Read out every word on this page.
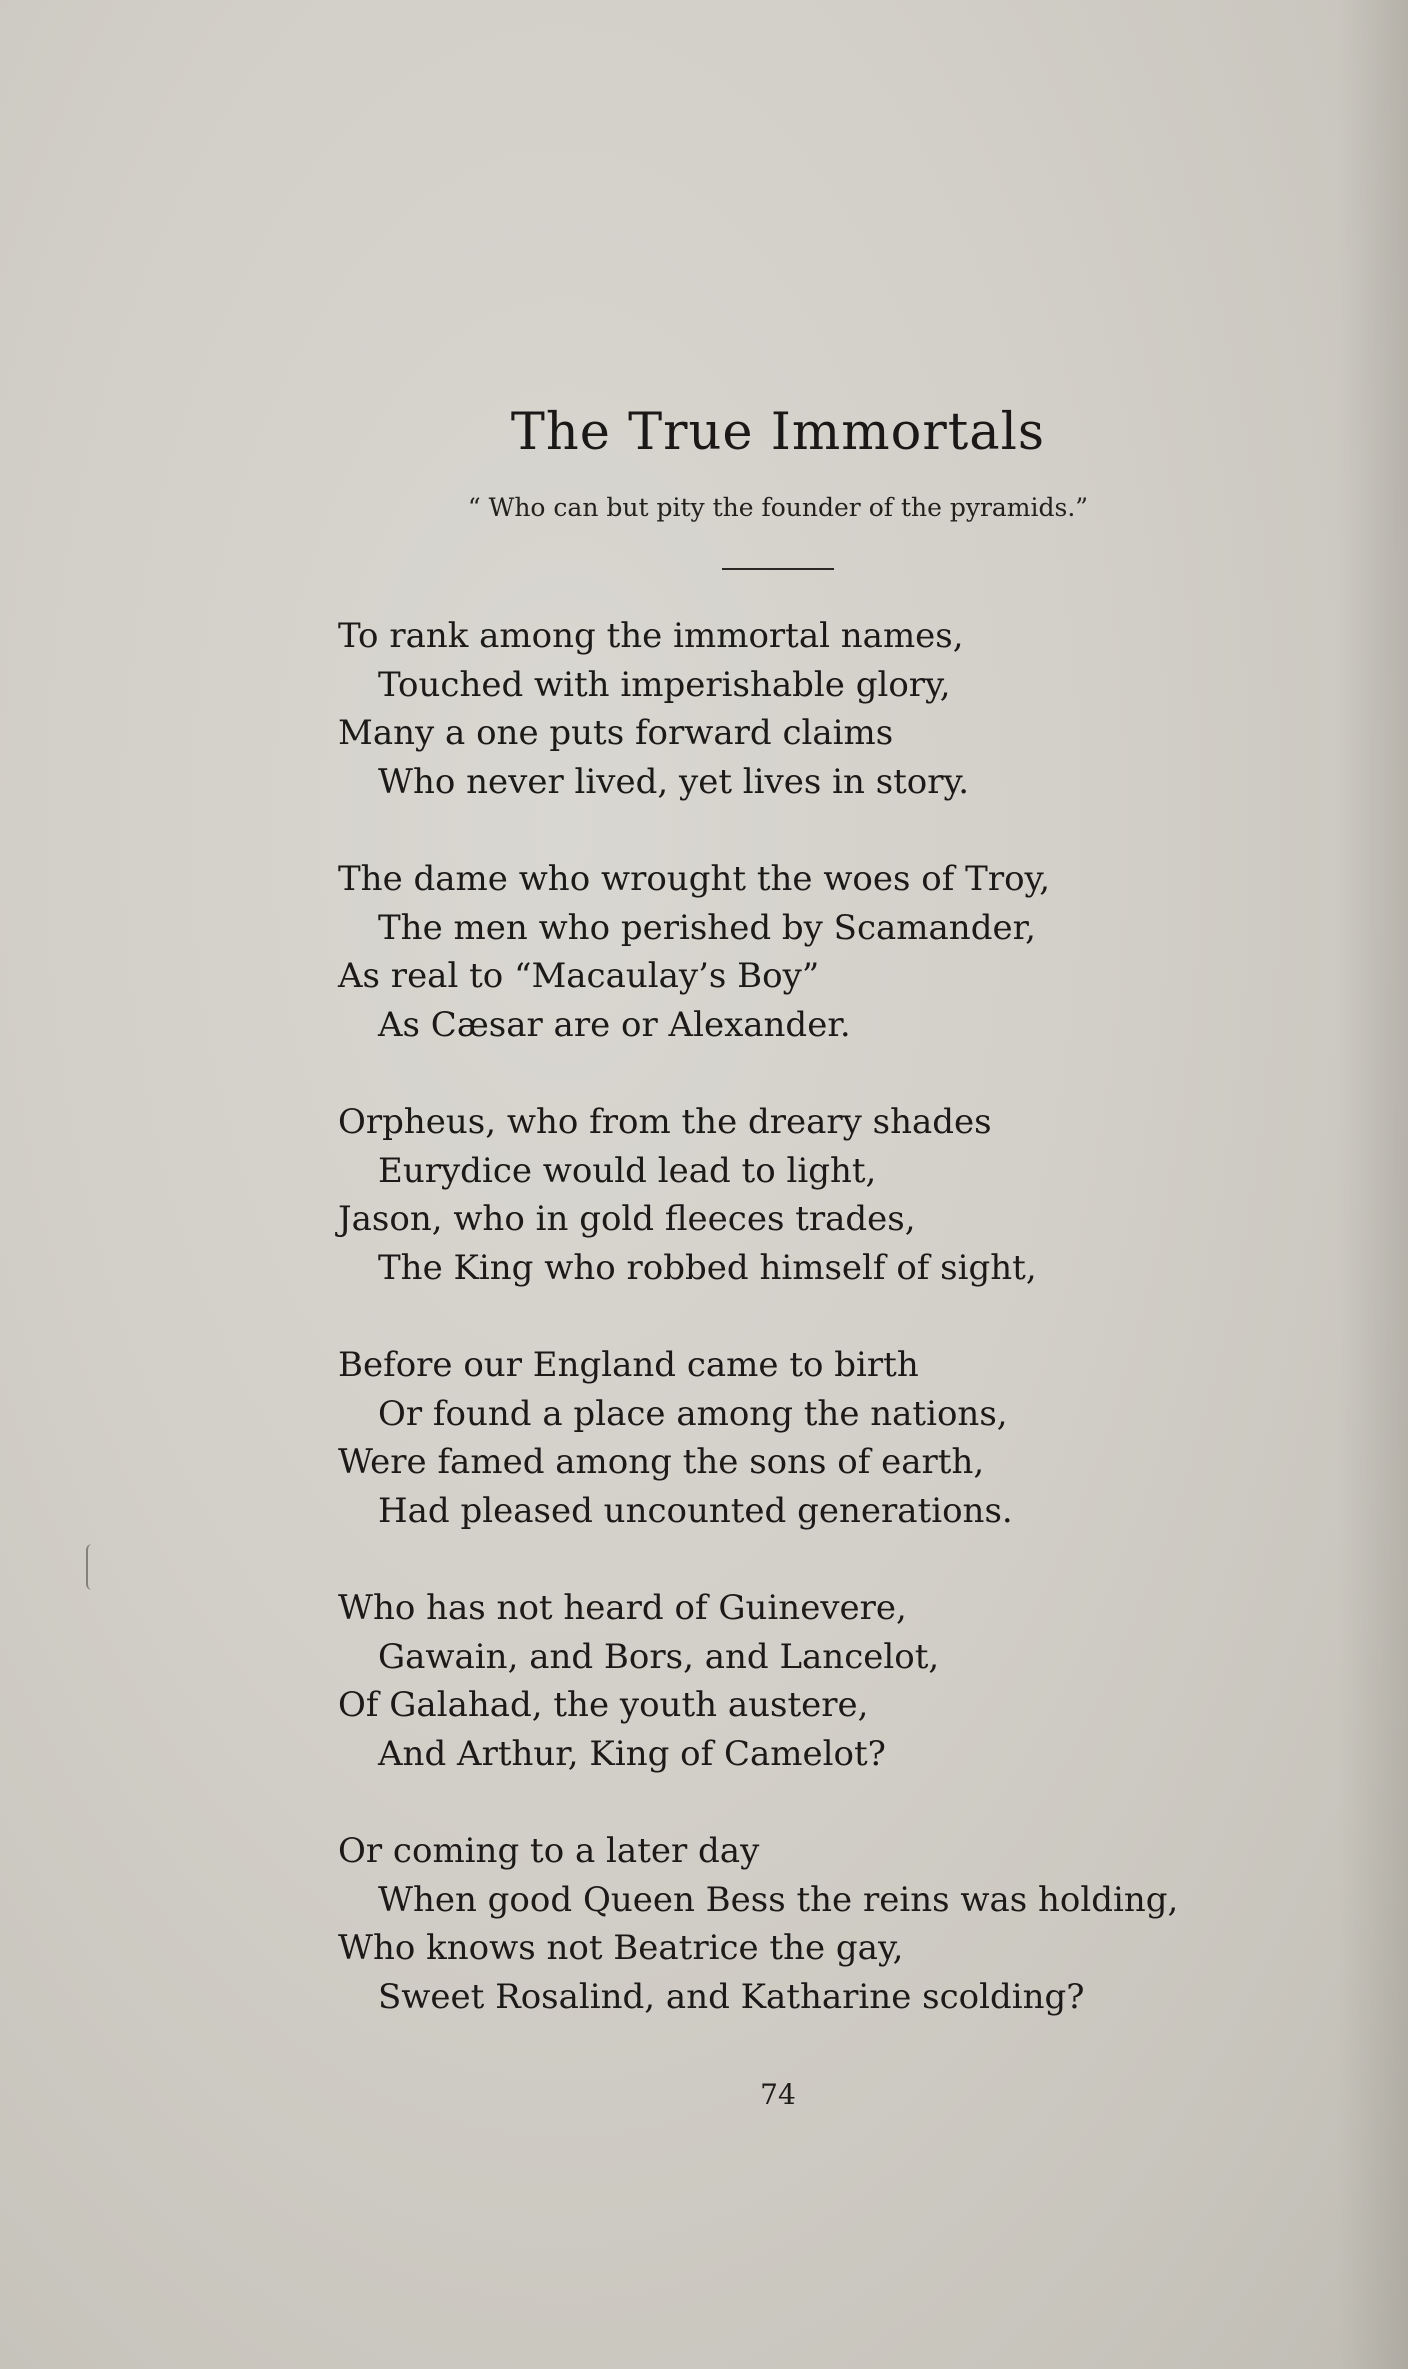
The True Immortals
“ Who can but pity the founder of the pyramids.”
To rank among the immortal names,
Touched with imperishable glory,
Many a one puts forward claims
Who never lived, yet lives in story.
The dame who wrought the woes of Troy,
The men who perished by Scamander,
As real to “Macaulay’s Boy”
As Cæsar are or Alexander.
Orpheus, who from the dreary shades
Eurydice would lead to light,
Jason, who in gold fleeces trades,
The King who robbed himself of sight,
Before our England came to birth
Or found a place among the nations,
Were famed among the sons of earth,
Had pleased uncounted generations.
Who has not heard of Guinevere,
Gawain, and Bors, and Lancelot,
Of Galahad, the youth austere,
And Arthur, King of Camelot?
Or coming to a later day
When good Queen Bess the reins was holding,
Who knows not Beatrice the gay,
Sweet Rosalind, and Katharine scolding?
74
